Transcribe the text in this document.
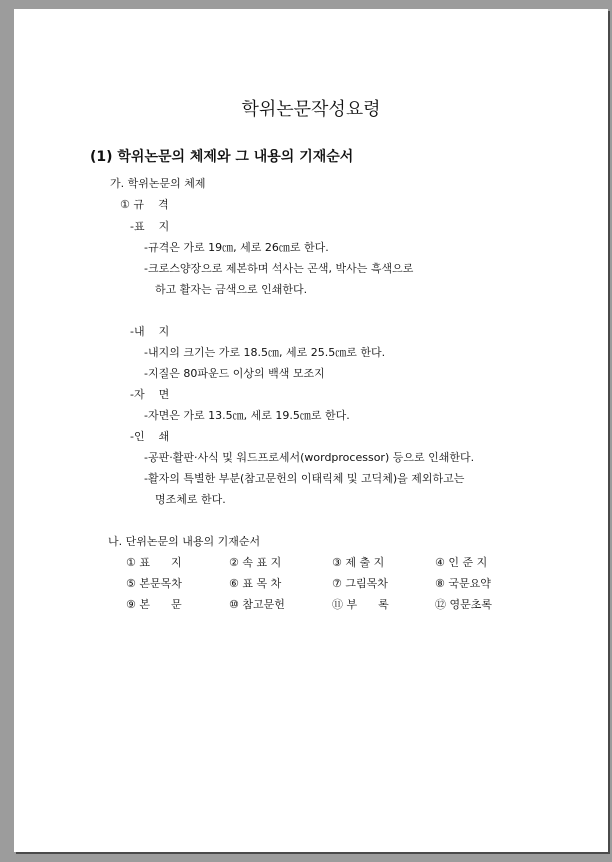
학위논문작성요령
(1) 학위논문의 체제와 그 내용의 기재순서
가. 학위논문의 체제
① 규    격
-표    지
-규격은 가로 19㎝, 세로 26㎝로 한다.
-크로스양장으로 제본하며 석사는 곤색, 박사는 흑색으로
하고 활자는 금색으로 인쇄한다.
-내    지
-내지의 크기는 가로 18.5㎝, 세로 25.5㎝로 한다.
-지질은 80파운드 이상의 백색 모조지
-자    면
-자면은 가로 13.5㎝, 세로 19.5㎝로 한다.
-인    쇄
-공판·활판·사식 및 워드프로세서(wordprocessor) 등으로 인쇄한다.
-활자의 특별한 부분(참고문헌의 이태릭체 및 고딕체)을 제외하고는
명조체로 한다.
나. 단위논문의 내용의 기재순서
① 표      지	② 속 표 지	③ 제 출 지	④ 인 준 지
⑤ 본문목차	⑥ 표 목 차	⑦ 그림목차	⑧ 국문요약
⑨ 본      문	⑩ 참고문헌	⑪ 부      록	⑫ 영문초록
